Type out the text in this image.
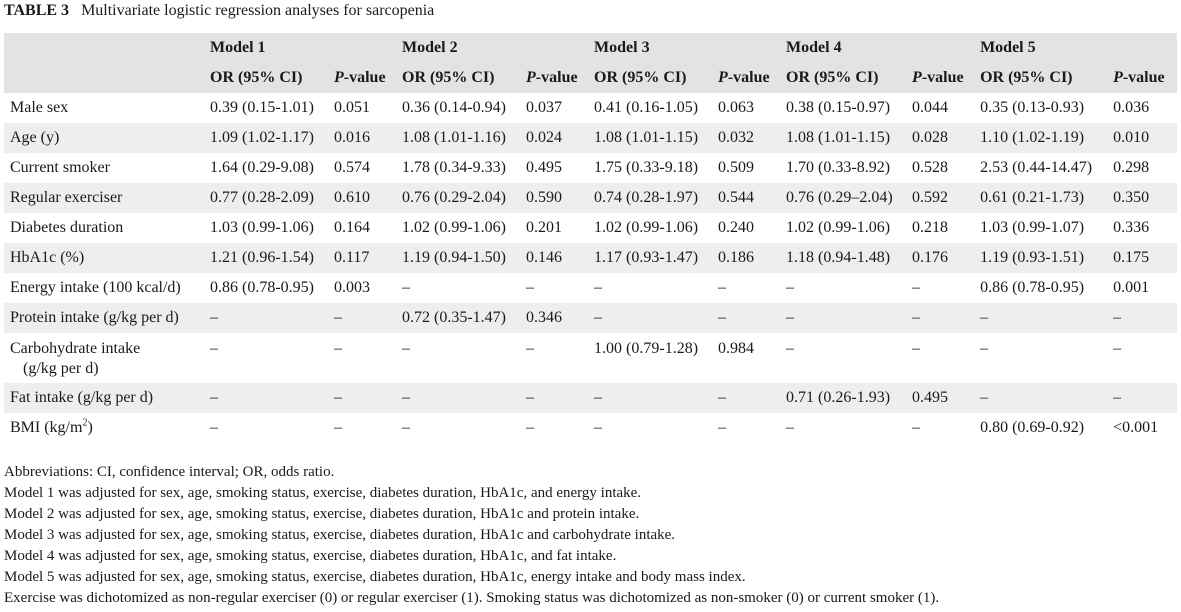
TABLE 3 Multivariate logistic regression analyses for sarcopenia
	Model 1		Model 2		Model 3		Model 4		Model 5	
	OR (95% CI)	P-value	OR (95% CI)	P-value	OR (95% CI)	P-value	OR (95% CI)	P-value	OR (95% CI)	P-value
Male sex	0.39 (0.15-1.01)	0.051	0.36 (0.14-0.94)	0.037	0.41 (0.16-1.05)	0.063	0.38 (0.15-0.97)	0.044	0.35 (0.13-0.93)	0.036
Age (y)	1.09 (1.02-1.17)	0.016	1.08 (1.01-1.16)	0.024	1.08 (1.01-1.15)	0.032	1.08 (1.01-1.15)	0.028	1.10 (1.02-1.19)	0.010
Current smoker	1.64 (0.29-9.08)	0.574	1.78 (0.34-9.33)	0.495	1.75 (0.33-9.18)	0.509	1.70 (0.33-8.92)	0.528	2.53 (0.44-14.47)	0.298
Regular exerciser	0.77 (0.28-2.09)	0.610	0.76 (0.29-2.04)	0.590	0.74 (0.28-1.97)	0.544	0.76 (0.29–2.04)	0.592	0.61 (0.21-1.73)	0.350
Diabetes duration	1.03 (0.99-1.06)	0.164	1.02 (0.99-1.06)	0.201	1.02 (0.99-1.06)	0.240	1.02 (0.99-1.06)	0.218	1.03 (0.99-1.07)	0.336
HbA1c (%)	1.21 (0.96-1.54)	0.117	1.19 (0.94-1.50)	0.146	1.17 (0.93-1.47)	0.186	1.18 (0.94-1.48)	0.176	1.19 (0.93-1.51)	0.175
Energy intake (100 kcal/d)	0.86 (0.78-0.95)	0.003	–	–	–	–	–	–	0.86 (0.78-0.95)	0.001
Protein intake (g/kg per d)	–	–	0.72 (0.35-1.47)	0.346	–	–	–	–	–	–
Carbohydrate intake
(g/kg per d)	–	–	–	–	1.00 (0.79-1.28)	0.984	–	–	–	–
Fat intake (g/kg per d)	–	–	–	–	–	–	0.71 (0.26-1.93)	0.495	–	–
BMI $(kg/m^2)$	–	–	–	–	–	–	–	–	0.80 (0.69-0.92)	<0.001
Abbreviations: CI, confidence interval; OR, odds ratio.
Model 1 was adjusted for sex, age, smoking status, exercise, diabetes duration, HbA1c, and energy intake.
Model 2 was adjusted for sex, age, smoking status, exercise, diabetes duration, HbA1c and protein intake.
Model 3 was adjusted for sex, age, smoking status, exercise, diabetes duration, HbA1c and carbohydrate intake.
Model 4 was adjusted for sex, age, smoking status, exercise, diabetes duration, HbA1c, and fat intake.
Model 5 was adjusted for sex, age, smoking status, exercise, diabetes duration, HbA1c, energy intake and body mass index.
Exercise was dichotomized as non-regular exerciser (0) or regular exerciser (1). Smoking status was dichotomized as non-smoker (0) or current smoker (1).
